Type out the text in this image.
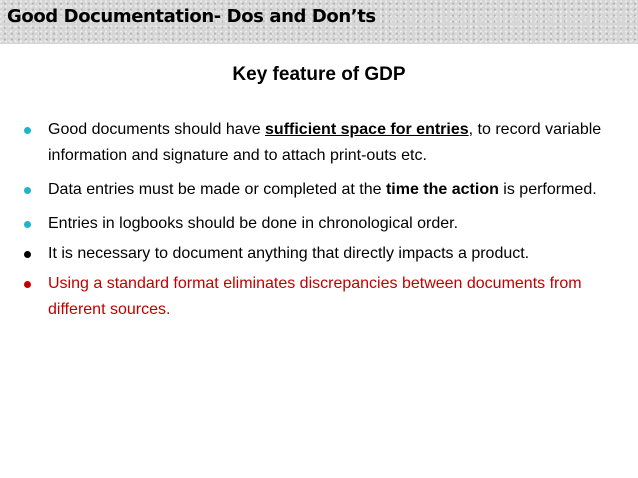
Good Documentation- Dos and Don’ts
Key feature of GDP
Good documents should have sufficient space for entries, to record variable information and signature and to attach print-outs etc.
Data entries must be made or completed at the time the action is performed.
Entries in logbooks should be done in chronological order.
It is necessary to document anything that directly impacts a product.
Using a standard format eliminates discrepancies between documents from different sources.
